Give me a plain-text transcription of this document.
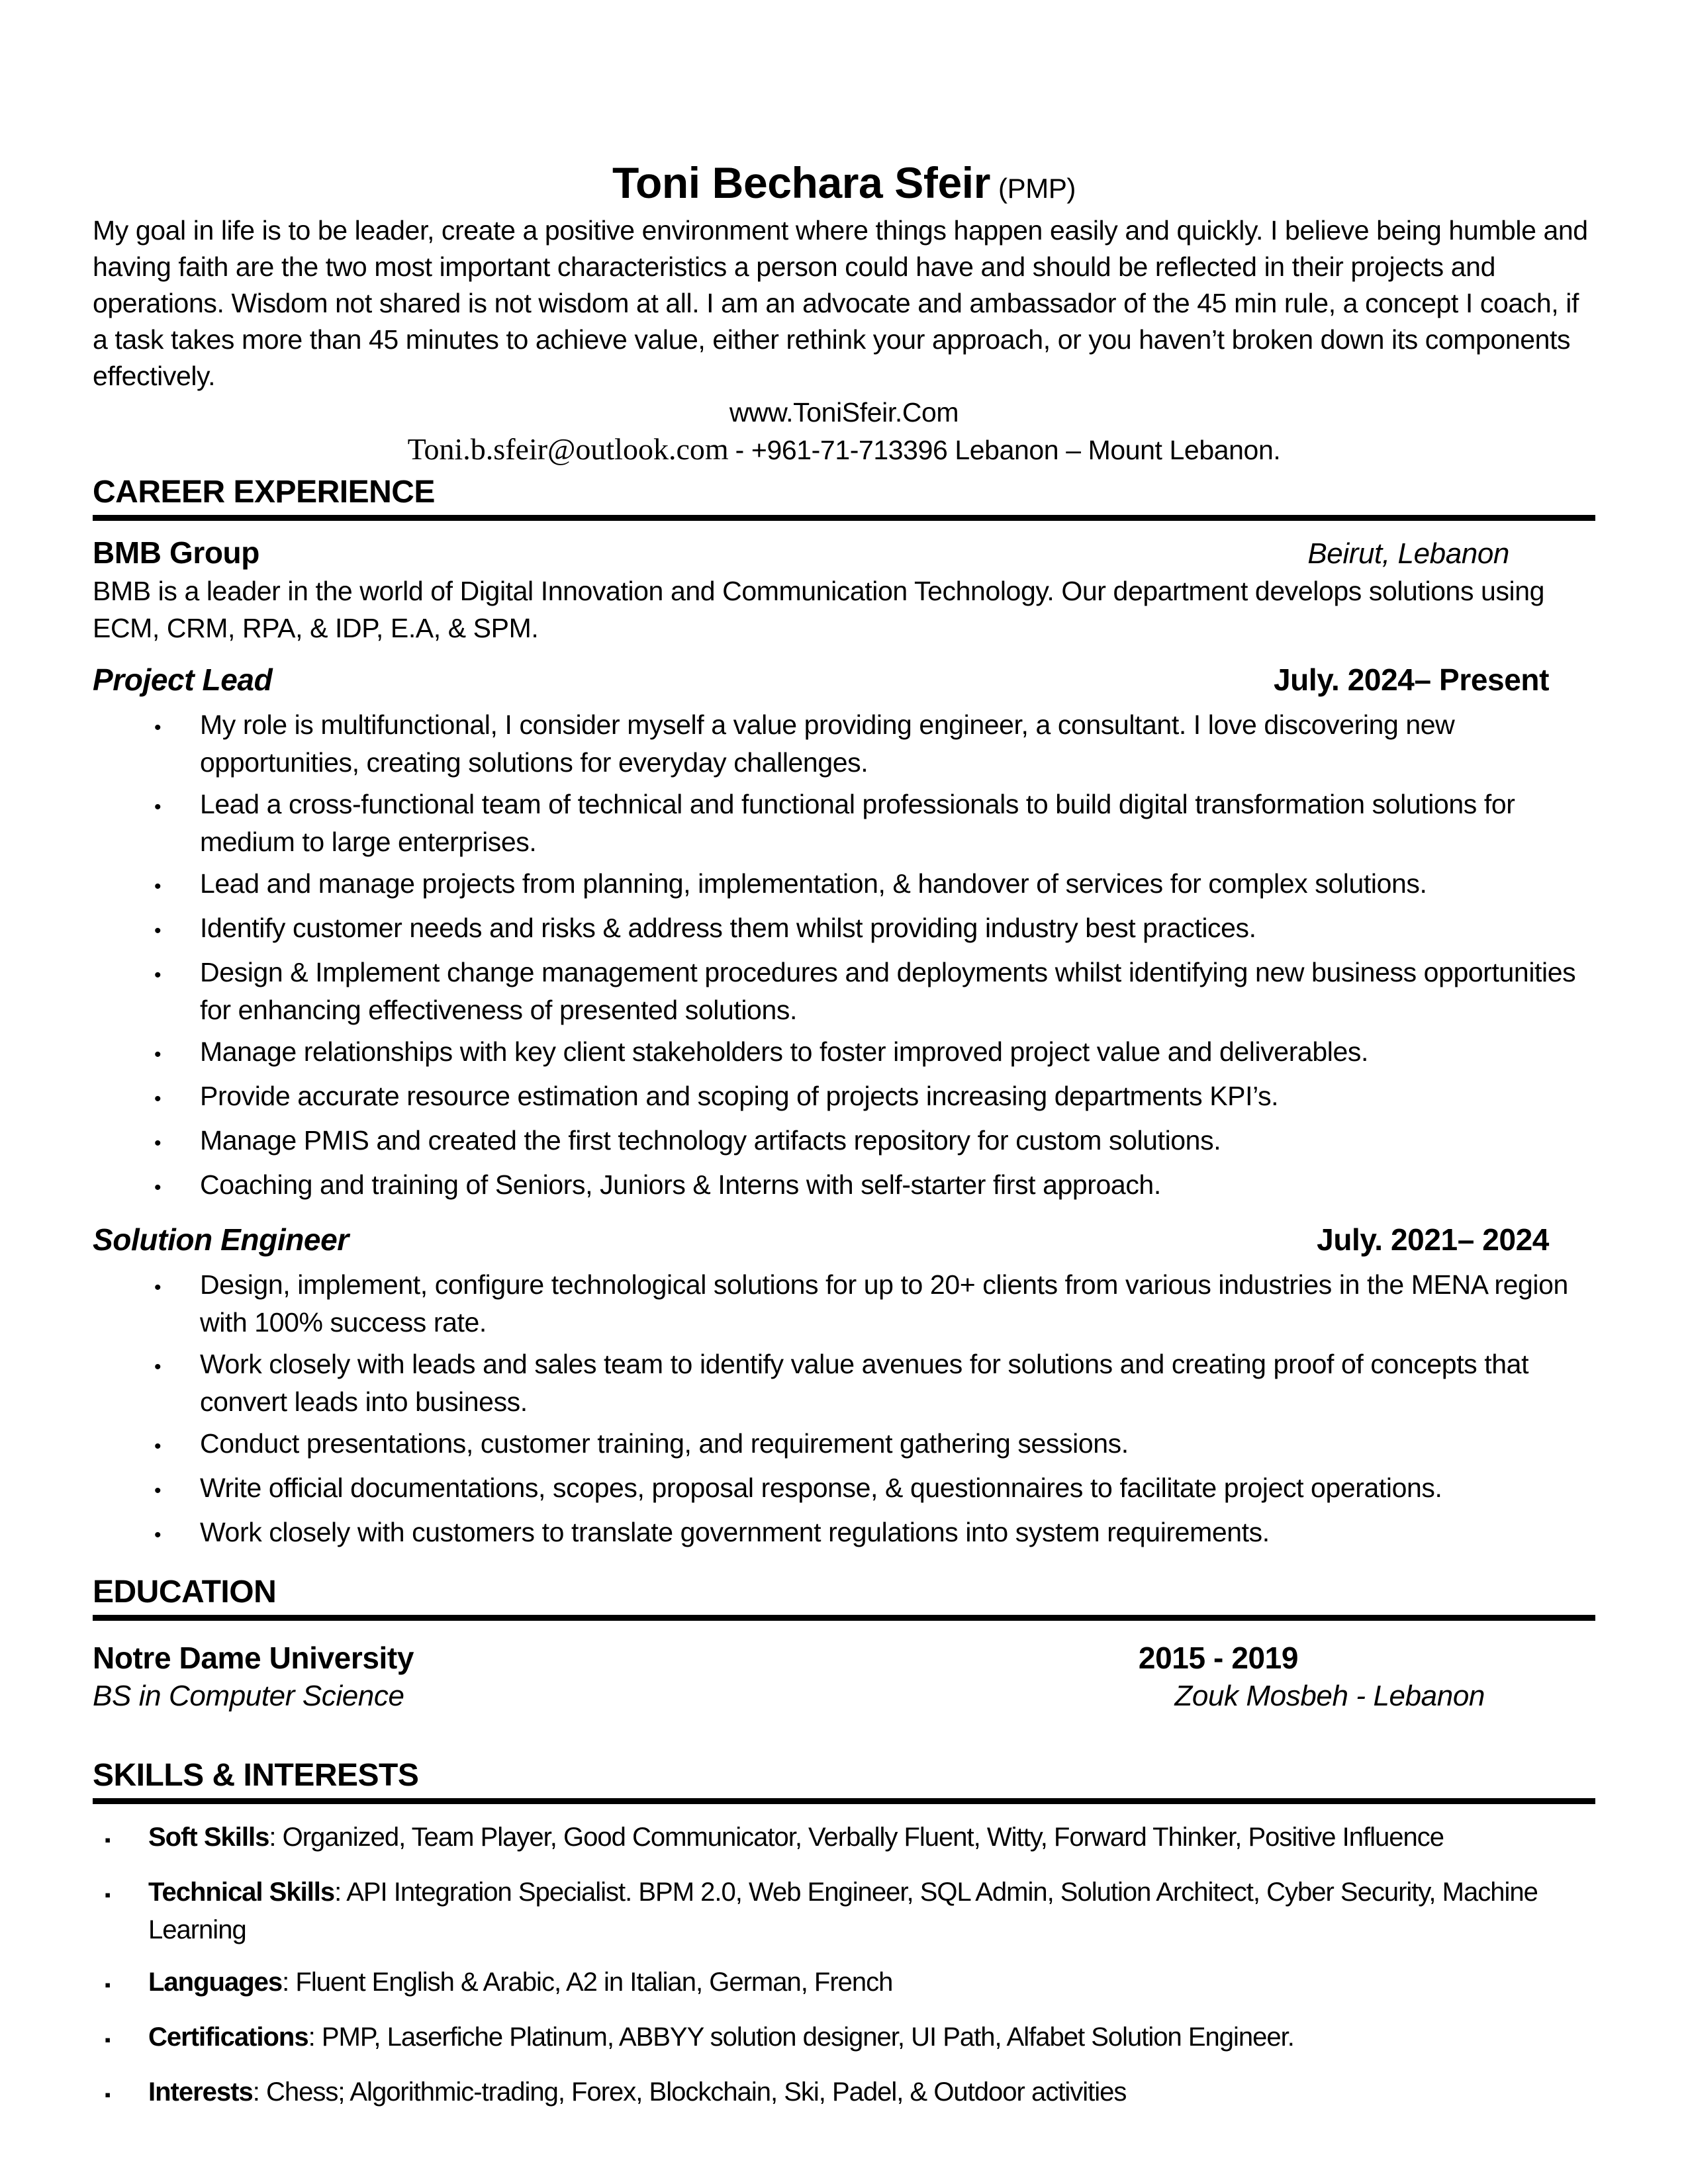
Toni Bechara Sfeir (PMP)
My goal in life is to be leader, create a positive environment where things happen easily and quickly. I believe being humble and having faith are the two most important characteristics a person could have and should be reflected in their projects and operations. Wisdom not shared is not wisdom at all. I am an advocate and ambassador of the 45 min rule, a concept I coach, if a task takes more than 45 minutes to achieve value, either rethink your approach, or you haven’t broken down its components effectively.
www.ToniSfeir.Com
Toni.b.sfeir@outlook.com - +961-71-713396 Lebanon – Mount Lebanon.
CAREER EXPERIENCE
BMB Group	Beirut, Lebanon
BMB is a leader in the world of Digital Innovation and Communication Technology. Our department develops solutions using ECM, CRM, RPA, & IDP, E.A, & SPM.
Project Lead	July. 2024– Present
•	My role is multifunctional, I consider myself a value providing engineer, a consultant. I love discovering new opportunities, creating solutions for everyday challenges.
•	Lead a cross-functional team of technical and functional professionals to build digital transformation solutions for medium to large enterprises.
•	Lead and manage projects from planning, implementation, & handover of services for complex solutions.
•	Identify customer needs and risks & address them whilst providing industry best practices.
•	Design & Implement change management procedures and deployments whilst identifying new business opportunities for enhancing effectiveness of presented solutions.
•	Manage relationships with key client stakeholders to foster improved project value and deliverables.
•	Provide accurate resource estimation and scoping of projects increasing departments KPI’s.
•	Manage PMIS and created the first technology artifacts repository for custom solutions.
•	Coaching and training of Seniors, Juniors & Interns with self-starter first approach.
Solution Engineer	July. 2021– 2024
•	Design, implement, configure technological solutions for up to 20+ clients from various industries in the MENA region with 100% success rate.
•	Work closely with leads and sales team to identify value avenues for solutions and creating proof of concepts that convert leads into business.
•	Conduct presentations, customer training, and requirement gathering sessions.
•	Write official documentations, scopes, proposal response, & questionnaires to facilitate project operations.
•	Work closely with customers to translate government regulations into system requirements.
EDUCATION
Notre Dame University	2015 - 2019
BS in Computer Science	Zouk Mosbeh - Lebanon
SKILLS & INTERESTS
▪	Soft Skills: Organized, Team Player, Good Communicator, Verbally Fluent, Witty, Forward Thinker, Positive Influence
▪	Technical Skills: API Integration Specialist. BPM 2.0, Web Engineer, SQL Admin, Solution Architect, Cyber Security, Machine Learning
▪	Languages: Fluent English & Arabic, A2 in Italian, German, French
▪	Certifications: PMP, Laserfiche Platinum, ABBYY solution designer, UI Path, Alfabet Solution Engineer.
▪	Interests: Chess; Algorithmic-trading, Forex, Blockchain, Ski, Padel, & Outdoor activities
